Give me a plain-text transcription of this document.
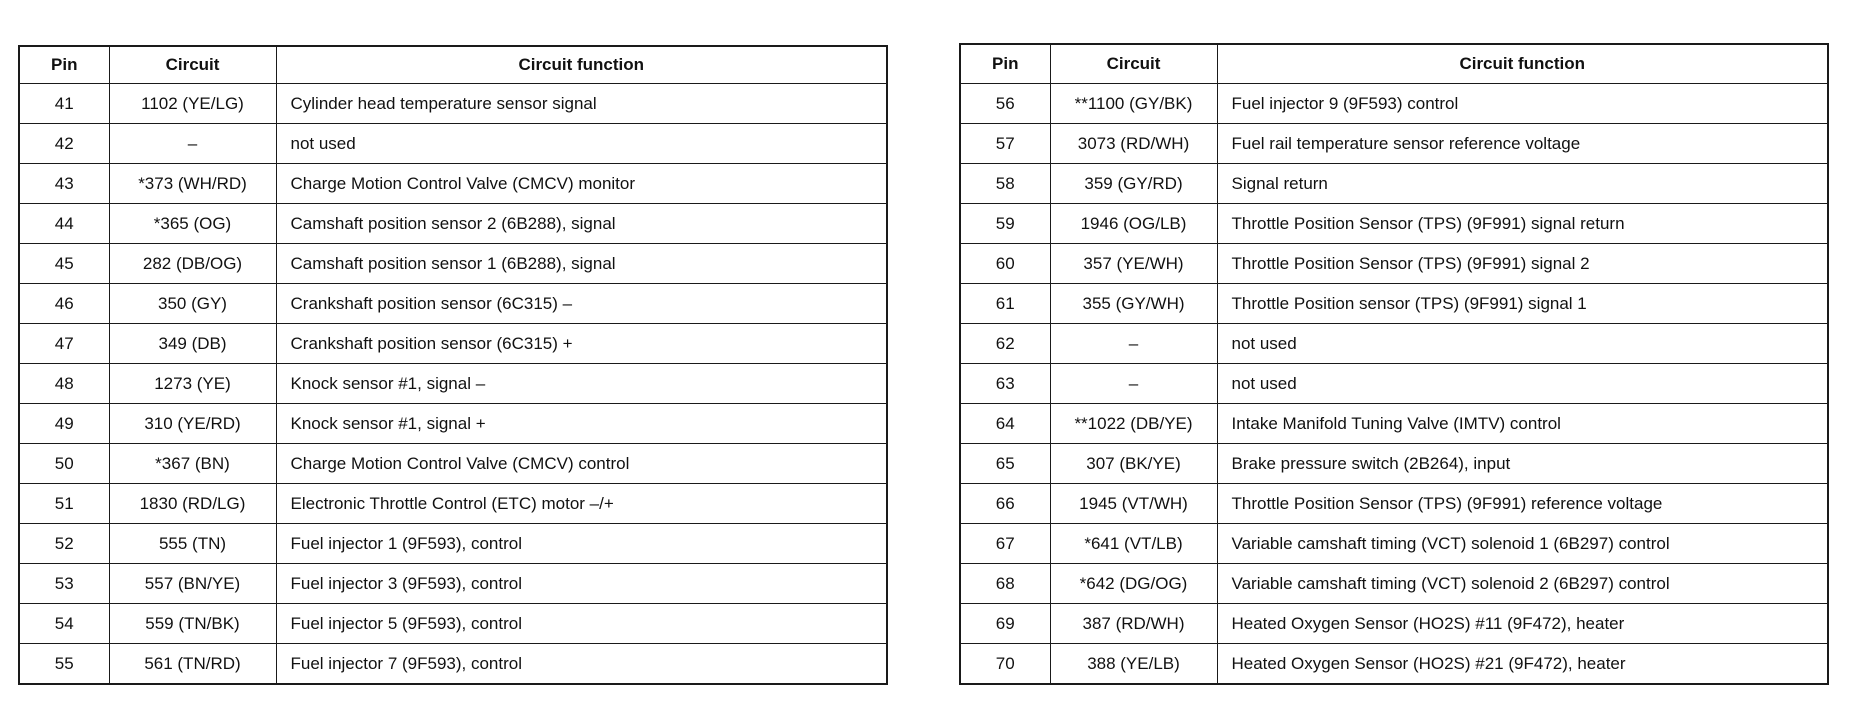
Pin	Circuit	Circuit function
41	1102 (YE/LG)	Cylinder head temperature sensor signal
42	–	not used
43	*373 (WH/RD)	Charge Motion Control Valve (CMCV) monitor
44	*365 (OG)	Camshaft position sensor 2 (6B288), signal
45	282 (DB/OG)	Camshaft position sensor 1 (6B288), signal
46	350 (GY)	Crankshaft position sensor (6C315) –
47	349 (DB)	Crankshaft position sensor (6C315) +
48	1273 (YE)	Knock sensor #1, signal –
49	310 (YE/RD)	Knock sensor #1, signal +
50	*367 (BN)	Charge Motion Control Valve (CMCV) control
51	1830 (RD/LG)	Electronic Throttle Control (ETC) motor –/+
52	555 (TN)	Fuel injector 1 (9F593), control
53	557 (BN/YE)	Fuel injector 3 (9F593), control
54	559 (TN/BK)	Fuel injector 5 (9F593), control
55	561 (TN/RD)	Fuel injector 7 (9F593), control
Pin	Circuit	Circuit function
56	**1100 (GY/BK)	Fuel injector 9 (9F593) control
57	3073 (RD/WH)	Fuel rail temperature sensor reference voltage
58	359 (GY/RD)	Signal return
59	1946 (OG/LB)	Throttle Position Sensor (TPS) (9F991) signal return
60	357 (YE/WH)	Throttle Position Sensor (TPS) (9F991) signal 2
61	355 (GY/WH)	Throttle Position sensor (TPS) (9F991) signal 1
62	–	not used
63	–	not used
64	**1022 (DB/YE)	Intake Manifold Tuning Valve (IMTV) control
65	307 (BK/YE)	Brake pressure switch (2B264), input
66	1945 (VT/WH)	Throttle Position Sensor (TPS) (9F991) reference voltage
67	*641 (VT/LB)	Variable camshaft timing (VCT) solenoid 1 (6B297) control
68	*642 (DG/OG)	Variable camshaft timing (VCT) solenoid 2 (6B297) control
69	387 (RD/WH)	Heated Oxygen Sensor (HO2S) #11 (9F472), heater
70	388 (YE/LB)	Heated Oxygen Sensor (HO2S) #21 (9F472), heater
